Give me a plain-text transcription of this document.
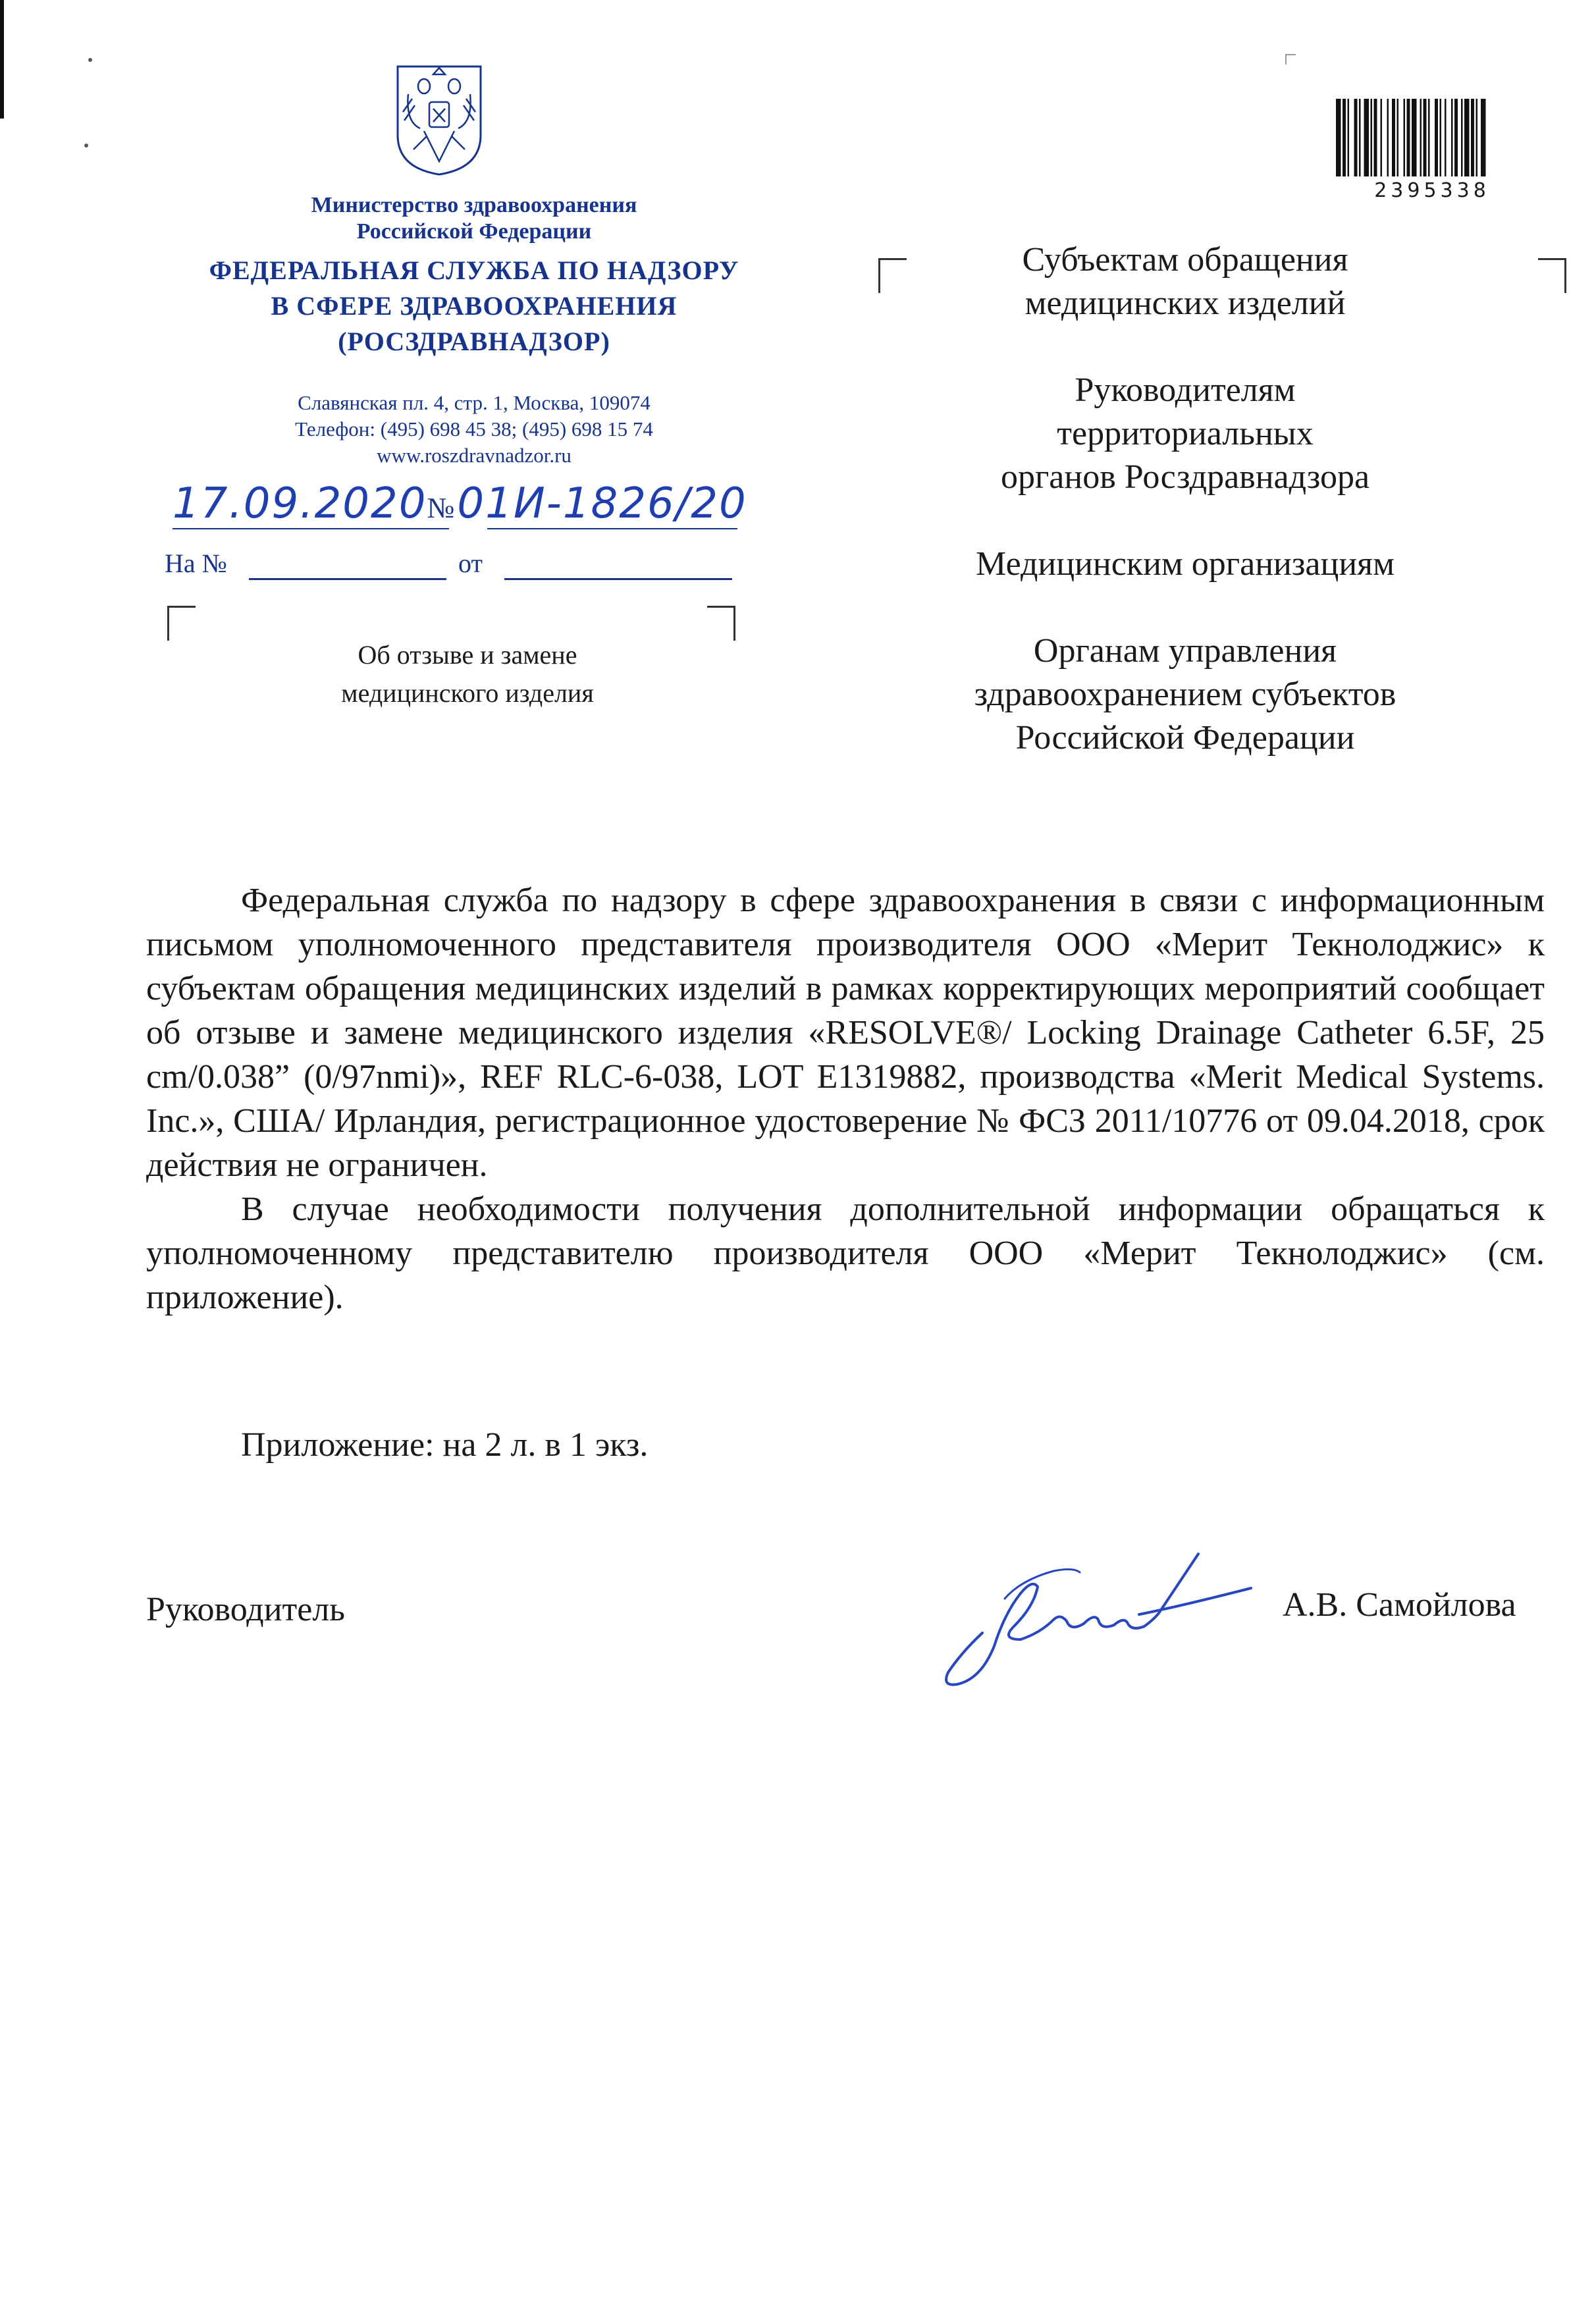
Министерство здравоохранения
Российской Федерации
ФЕДЕРАЛЬНАЯ СЛУЖБА ПО НАДЗОРУ
В СФЕРЕ ЗДРАВООХРАНЕНИЯ
(РОСЗДРАВНАДЗОР)
Славянская пл. 4, стр. 1, Москва, 109074
Телефон: (495) 698 45 38; (495) 698 15 74
www.roszdravnadzor.ru
17.09.2020№ 01И-1826/20
На №	от
Об отзыве и замене
медицинского изделия
2395338
Субъектам обращения
медицинских изделий
Руководителям
территориальных
органов Росздравнадзора
Медицинским организациям
Органам управления
здравоохранением субъектов
Российской Федерации

Федеральная служба по надзору в сфере здравоохранения в связи с информационным письмом уполномоченного представителя производителя ООО «Мерит Текнолоджис» к субъектам обращения медицинских изделий в рамках корректирующих мероприятий сообщает об отзыве и замене медицинского изделия «RESOLVE®/ Locking Drainage Catheter 6.5F, 25 cm/0.038” (0/97nmi)», REF RLC-6-038, LOT E1319882, производства «Merit Medical Systems. Inc.», США/ Ирландия, регистрационное удостоверение № ФСЗ 2011/10776 от 09.04.2018, срок действия не ограничен.

В случае необходимости получения дополнительной информации обращаться к уполномоченному представителю производителя ООО «Мерит Текнолоджис» (см. приложение).

Приложение: на 2 л. в 1 экз.
Руководитель	А.В. Самойлова
